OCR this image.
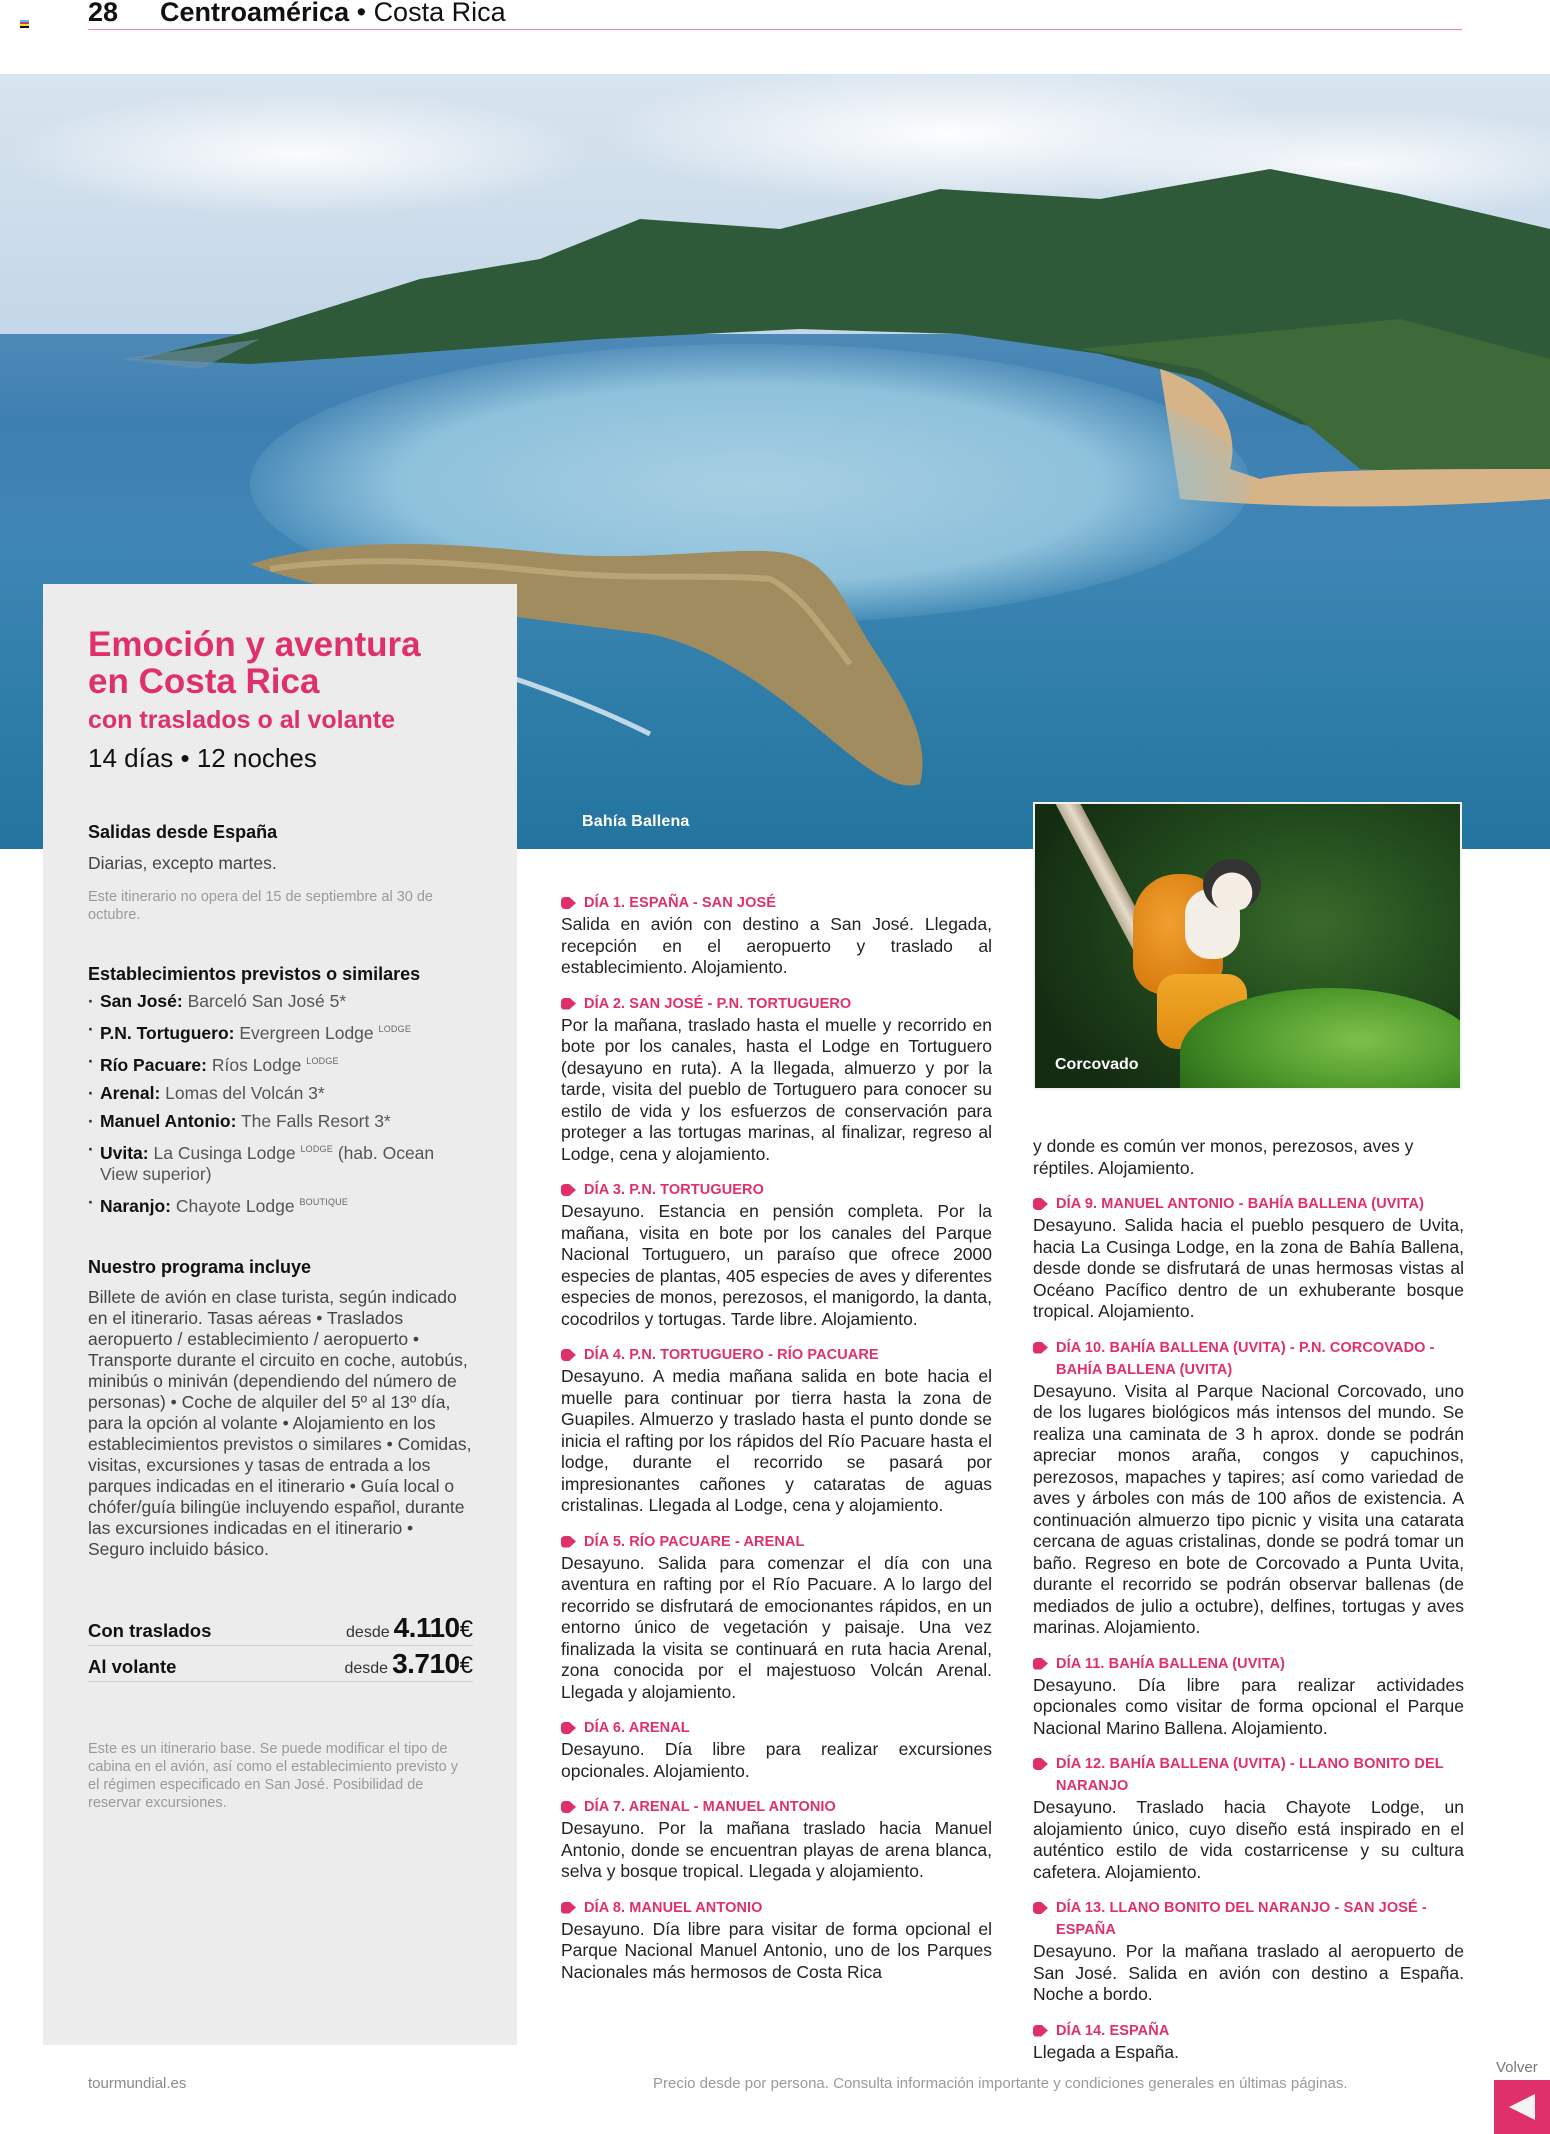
28 Centroamérica • Costa Rica
Bahía Ballena
Emoción y aventura
en Costa Rica
con traslados o al volante
14 días • 12 noches
Salidas desde España
Diarias, excepto martes.
Este itinerario no opera del 15 de septiembre al 30 de octubre.
Establecimientos previstos o similares
· San José: Barceló San José 5*
· P.N. Tortuguero: Evergreen Lodge $^{LODGE}$
· Río Pacuare: Ríos Lodge $^{LODGE}$
· Arenal: Lomas del Volcán 3*
· Manuel Antonio: The Falls Resort 3*
· Uvita: La Cusinga Lodge $^{LODGE}$ (hab. Ocean View superior)
· Naranjo: Chayote Lodge $^{BOUTIQUE}$
Nuestro programa incluye
Billete de avión en clase turista, según indicado en el itinerario. Tasas aéreas • Traslados aeropuerto / establecimiento / aeropuerto • Transporte durante el circuito en coche, autobús, minibús o miniván (dependiendo del número de personas) • Coche de alquiler del 5º al 13º día, para la opción al volante • Alojamiento en los establecimientos previstos o similares • Comidas, visitas, excursiones y tasas de entrada a los parques indicadas en el itinerario • Guía local o chófer/guía bilingüe incluyendo español, durante las excursiones indicadas en el itinerario • Seguro incluido básico.
Con traslados	desde 4.110€
Al volante	desde 3.710€
Este es un itinerario base. Se puede modificar el tipo de cabina en el avión, así como el establecimiento previsto y el régimen especificado en San José. Posibilidad de reservar excursiones.
DÍA 1. ESPAÑA - SAN JOSÉ
Salida en avión con destino a San José. Llegada, recepción en el aeropuerto y traslado al establecimiento. Alojamiento.
DÍA 2. SAN JOSÉ - P.N. TORTUGUERO
Por la mañana, traslado hasta el muelle y recorrido en bote por los canales, hasta el Lodge en Tortuguero (desayuno en ruta). A la llegada, almuerzo y por la tarde, visita del pueblo de Tortuguero para conocer su estilo de vida y los esfuerzos de conservación para proteger a las tortugas marinas, al finalizar, regreso al Lodge, cena y alojamiento.
DÍA 3. P.N. TORTUGUERO
Desayuno. Estancia en pensión completa. Por la mañana, visita en bote por los canales del Parque Nacional Tortuguero, un paraíso que ofrece 2000 especies de plantas, 405 especies de aves y diferentes especies de monos, perezosos, el manigordo, la danta, cocodrilos y tortugas. Tarde libre. Alojamiento.
DÍA 4. P.N. TORTUGUERO - RÍO PACUARE
Desayuno. A media mañana salida en bote hacia el muelle para continuar por tierra hasta la zona de Guapiles. Almuerzo y traslado hasta el punto donde se inicia el rafting por los rápidos del Río Pacuare hasta el lodge, durante el recorrido se pasará por impresionantes cañones y cataratas de aguas cristalinas. Llegada al Lodge, cena y alojamiento.
DÍA 5. RÍO PACUARE - ARENAL
Desayuno. Salida para comenzar el día con una aventura en rafting por el Río Pacuare. A lo largo del recorrido se disfrutará de emocionantes rápidos, en un entorno único de vegetación y paisaje. Una vez finalizada la visita se continuará en ruta hacia Arenal, zona conocida por el majestuoso Volcán Arenal. Llegada y alojamiento.
DÍA 6. ARENAL
Desayuno. Día libre para realizar excursiones opcionales. Alojamiento.
DÍA 7. ARENAL - MANUEL ANTONIO
Desayuno. Por la mañana traslado hacia Manuel Antonio, donde se encuentran playas de arena blanca, selva y bosque tropical. Llegada y alojamiento.
DÍA 8. MANUEL ANTONIO
Desayuno. Día libre para visitar de forma opcional el Parque Nacional Manuel Antonio, uno de los Parques Nacionales más hermosos de Costa Rica
Corcovado
y donde es común ver monos, perezosos, aves y réptiles. Alojamiento.
DÍA 9. MANUEL ANTONIO - BAHÍA BALLENA (UVITA)
Desayuno. Salida hacia el pueblo pesquero de Uvita, hacia La Cusinga Lodge, en la zona de Bahía Ballena, desde donde se disfrutará de unas hermosas vistas al Océano Pacífico dentro de un exhuberante bosque tropical. Alojamiento.
DÍA 10. BAHÍA BALLENA (UVITA) - P.N. CORCOVADO - BAHÍA BALLENA (UVITA)
Desayuno. Visita al Parque Nacional Corcovado, uno de los lugares biológicos más intensos del mundo. Se realiza una caminata de 3 h aprox. donde se podrán apreciar monos araña, congos y capuchinos, perezosos, mapaches y tapires; así como variedad de aves y árboles con más de 100 años de existencia. A continuación almuerzo tipo picnic y visita una catarata cercana de aguas cristalinas, donde se podrá tomar un baño. Regreso en bote de Corcovado a Punta Uvita, durante el recorrido se podrán observar ballenas (de mediados de julio a octubre), delfines, tortugas y aves marinas. Alojamiento.
DÍA 11. BAHÍA BALLENA (UVITA)
Desayuno. Día libre para realizar actividades opcionales como visitar de forma opcional el Parque Nacional Marino Ballena. Alojamiento.
DÍA 12. BAHÍA BALLENA (UVITA) - LLANO BONITO DEL NARANJO
Desayuno. Traslado hacia Chayote Lodge, un alojamiento único, cuyo diseño está inspirado en el auténtico estilo de vida costarricense y su cultura cafetera. Alojamiento.
DÍA 13. LLANO BONITO DEL NARANJO - SAN JOSÉ - ESPAÑA
Desayuno. Por la mañana traslado al aeropuerto de San José. Salida en avión con destino a España. Noche a bordo.
DÍA 14. ESPAÑA
Llegada a España.
tourmundial.es	Precio desde por persona. Consulta información importante y condiciones generales en últimas páginas.
Volver
